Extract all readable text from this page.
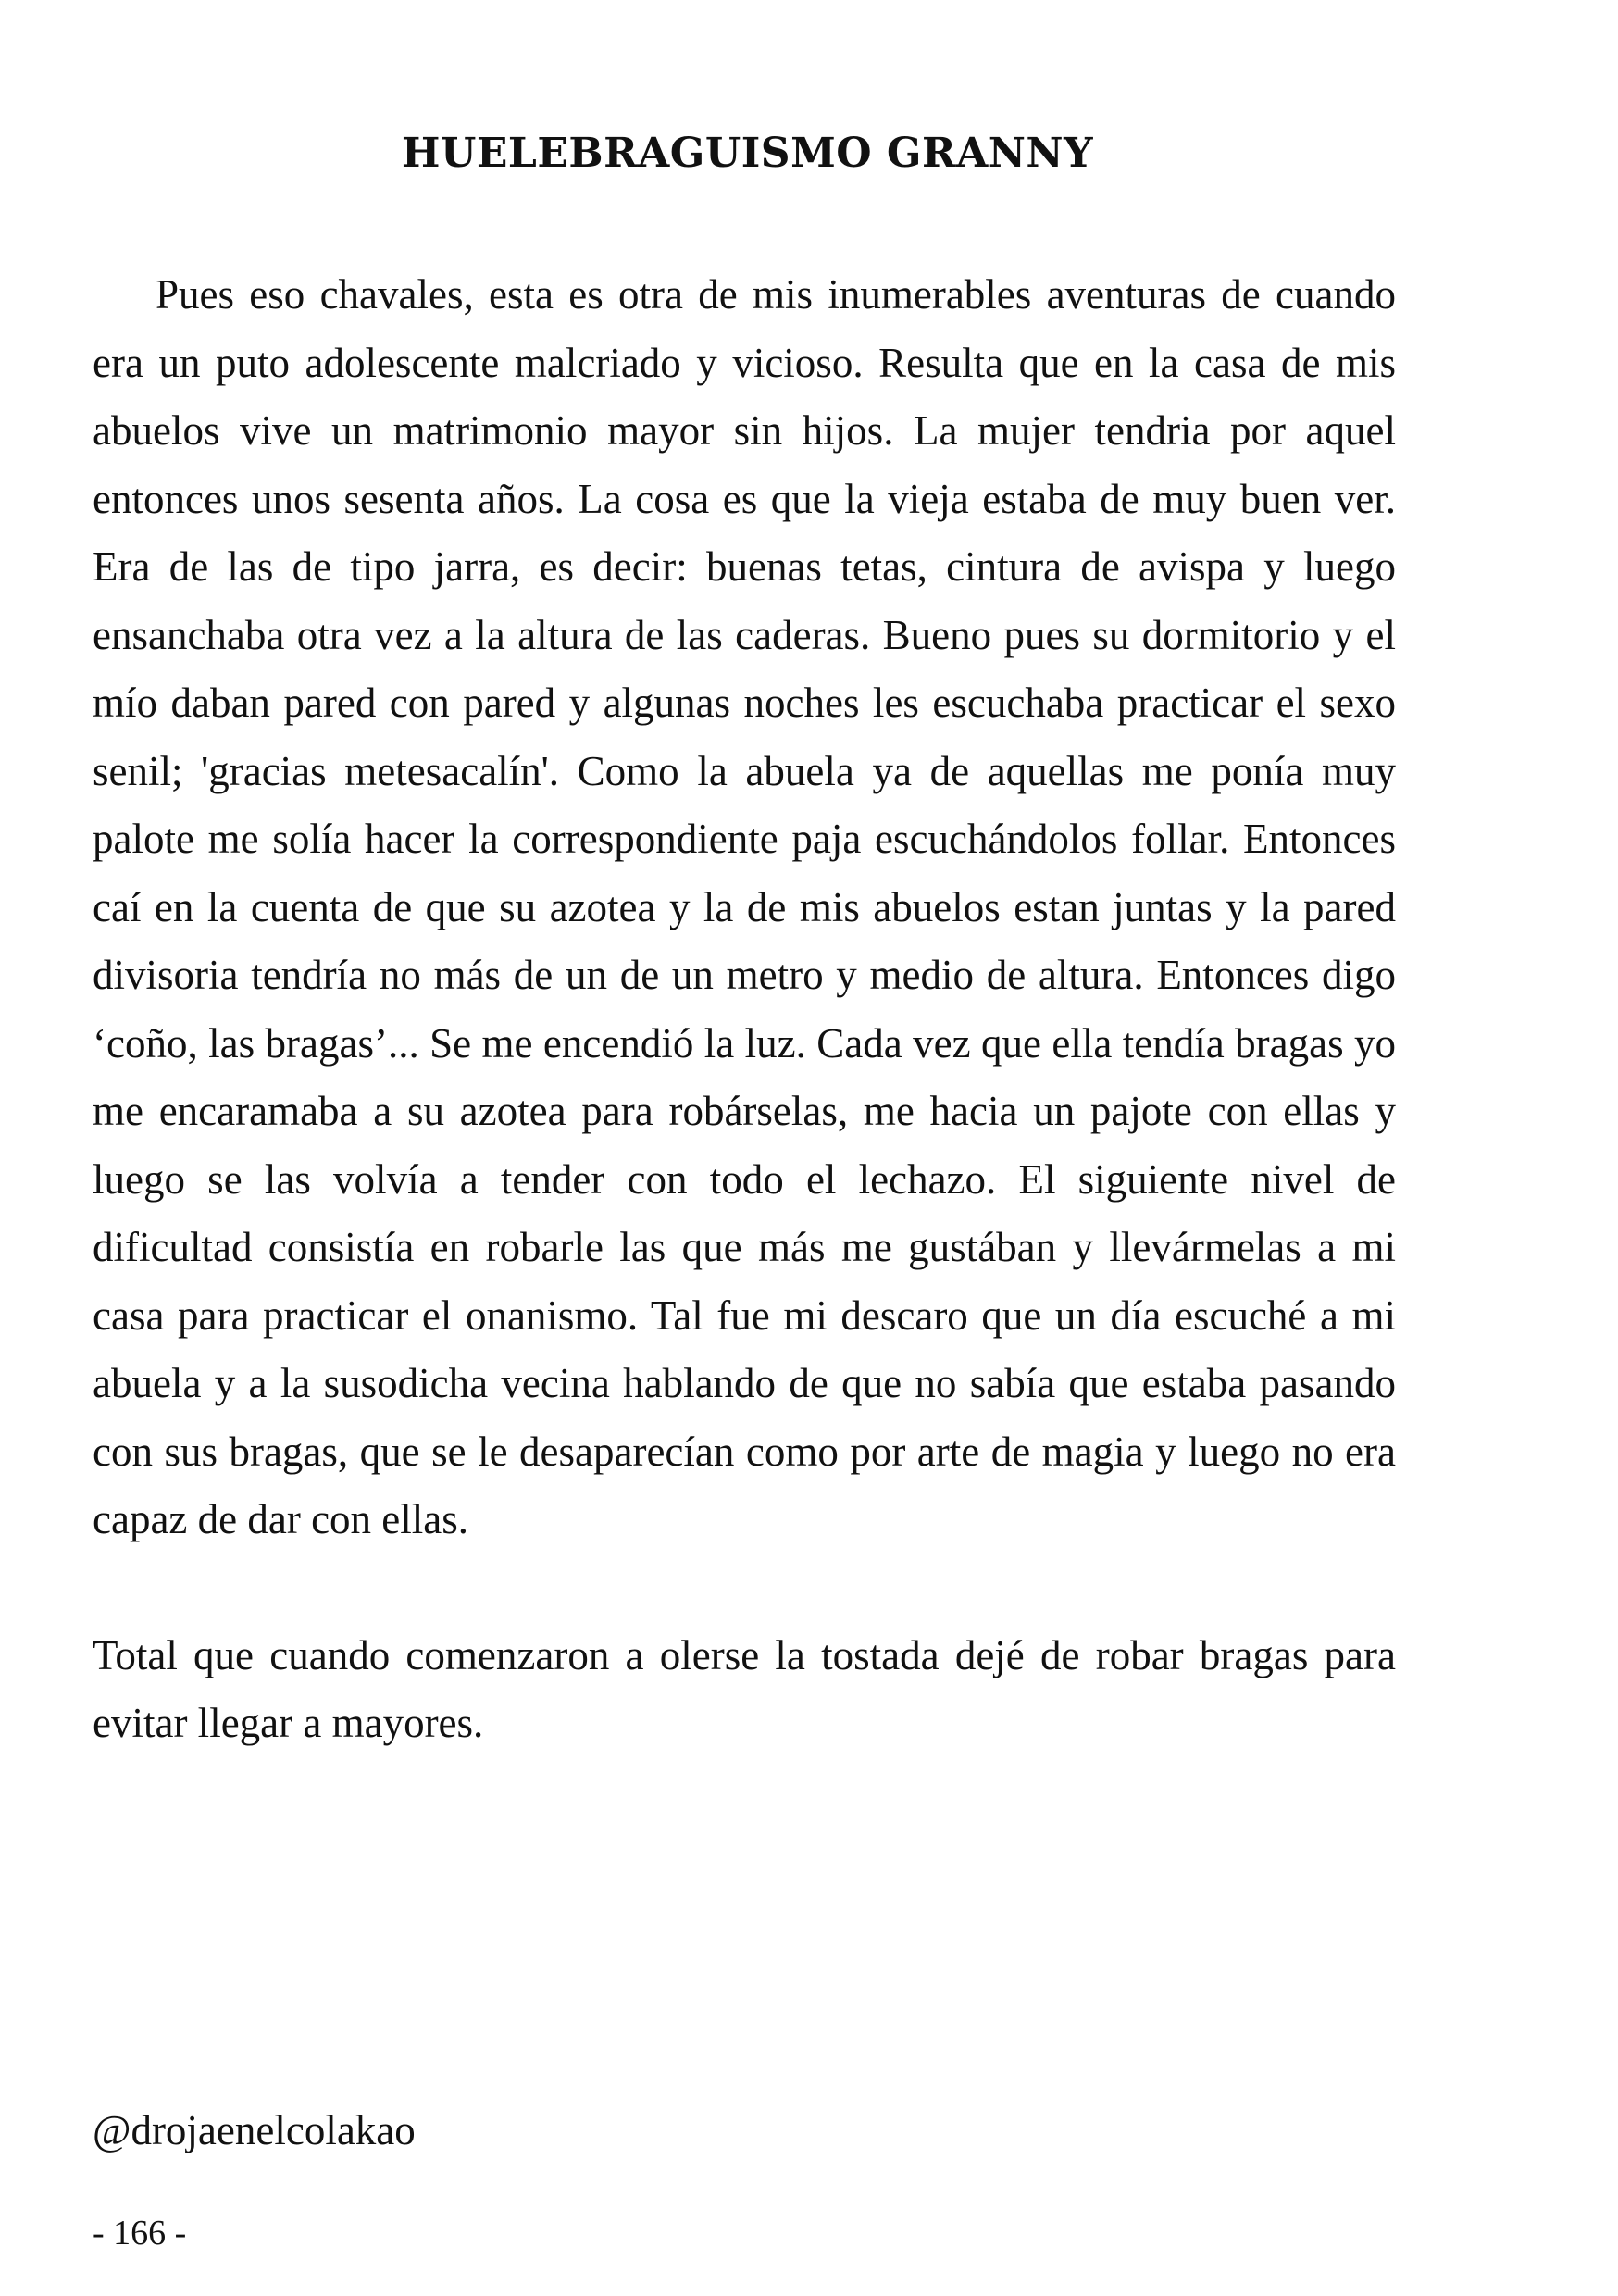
HUELEBRAGUISMO GRANNY

Pues eso chavales, esta es otra de mis inumerables aventuras de cuando era un puto adolescente malcriado y vicioso. Resulta que en la casa de mis abuelos vive un matrimonio mayor sin hijos. La mujer tendria por aquel entonces unos sesenta años. La cosa es que la vieja estaba de muy buen ver. Era de las de tipo jarra, es decir: buenas tetas, cintura de avispa y luego ensanchaba otra vez a la altura de las caderas. Bueno pues su dormitorio y el mío daban pared con pared y algunas noches les escuchaba practicar el sexo senil; 'gracias metesacalín'. Como la abuela ya de aquellas me ponía muy palote me solía hacer la correspondiente paja escuchándolos follar. Entonces caí en la cuenta de que su azotea y la de mis abuelos estan juntas y la pared divisoria tendría no más de un de un metro y medio de altura. Entonces digo ‘coño, las bragas’... Se me encendió la luz. Cada vez que ella tendía bragas yo me encaramaba a su azotea para robárselas, me hacia un pajote con ellas y luego se las volvía a tender con todo el lechazo. El siguiente nivel de dificultad consistía en robarle las que más me gustában y llevármelas a mi casa para practicar el onanismo. Tal fue mi descaro que un día escuché a mi abuela y a la susodicha vecina hablando de que no sabía que estaba pasando con sus bragas, que se le desaparecían como por arte de magia y luego no era capaz de dar con ellas.

Total que cuando comenzaron a olerse la tostada dejé de robar bragas para evitar llegar a mayores.

@drojaenelcolakao

- 166 -
